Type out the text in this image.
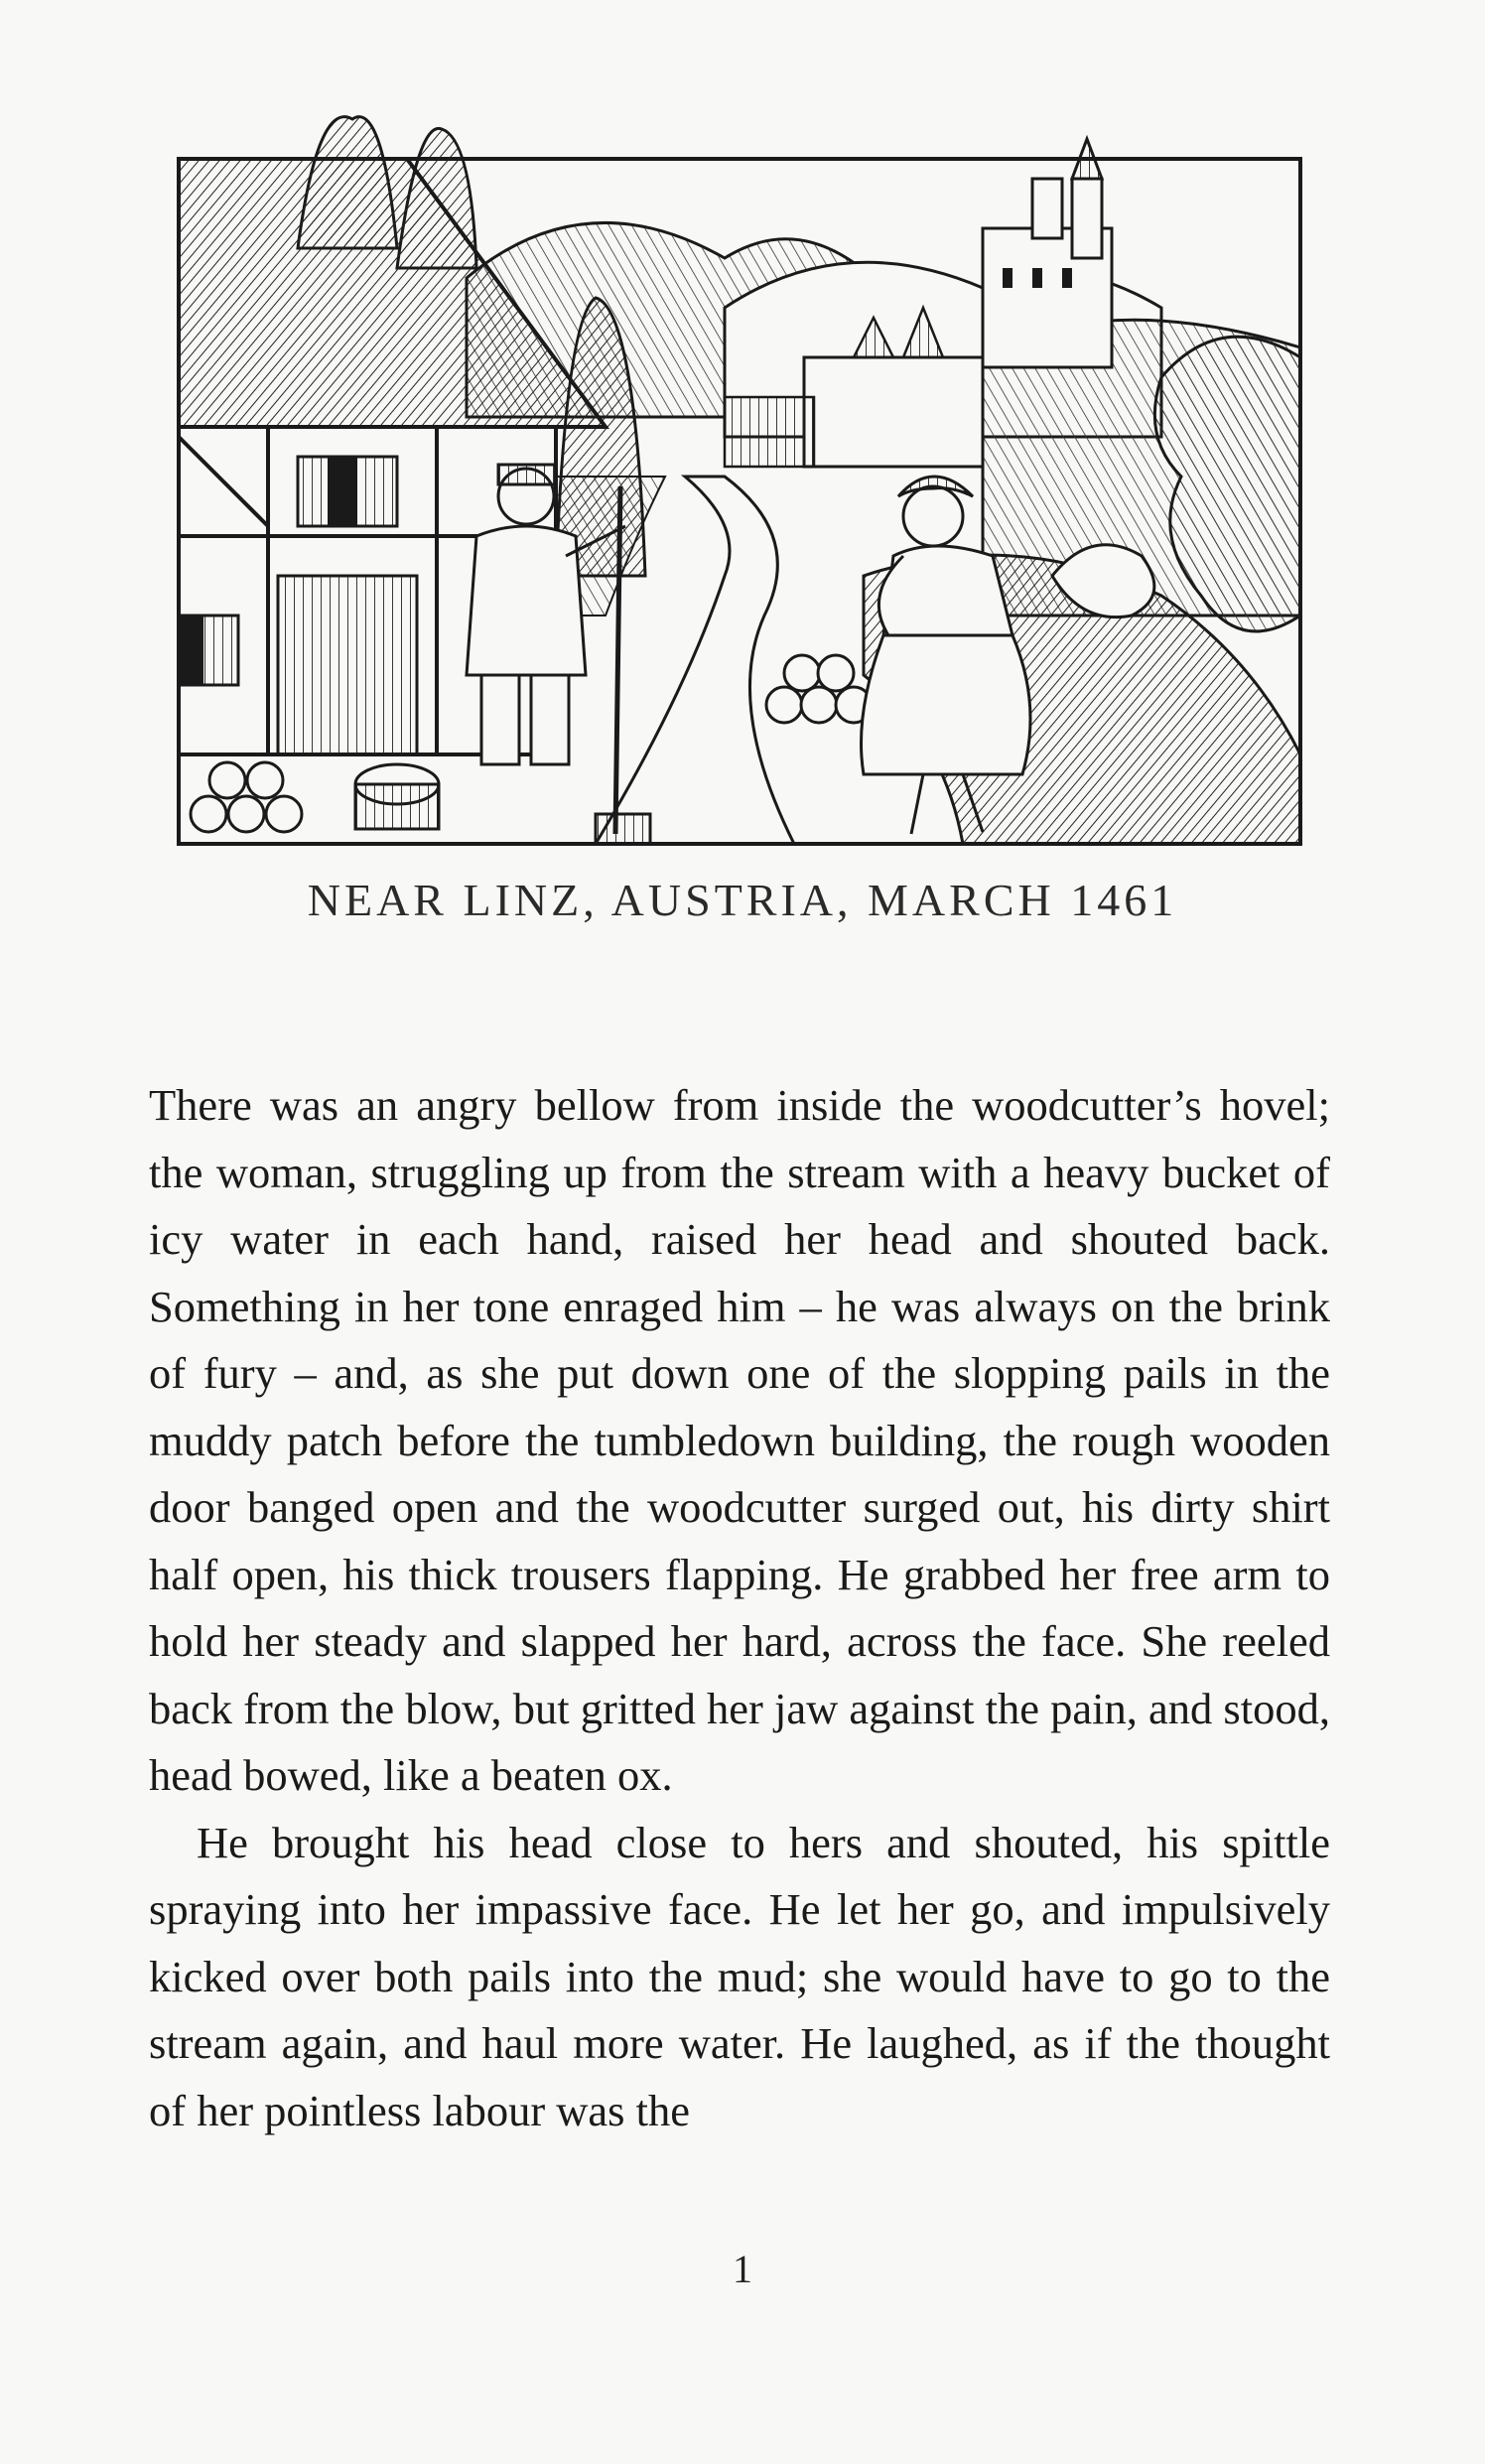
NEAR LINZ, AUSTRIA, MARCH 1461

There was an angry bellow from inside the woodcutter’s hovel; the woman, struggling up from the stream with a heavy bucket of icy water in each hand, raised her head and shouted back. Something in her tone enraged him – he was always on the brink of fury – and, as she put down one of the slopping pails in the muddy patch before the tumbledown building, the rough wooden door banged open and the woodcutter surged out, his dirty shirt half open, his thick trousers flapping. He grabbed her free arm to hold her steady and slapped her hard, across the face. She reeled back from the blow, but gritted her jaw against the pain, and stood, head bowed, like a beaten ox.

He brought his head close to hers and shouted, his spittle spraying into her impassive face. He let her go, and impulsively kicked over both pails into the mud; she would have to go to the stream again, and haul more water. He laughed, as if the thought of her pointless labour was the

1
